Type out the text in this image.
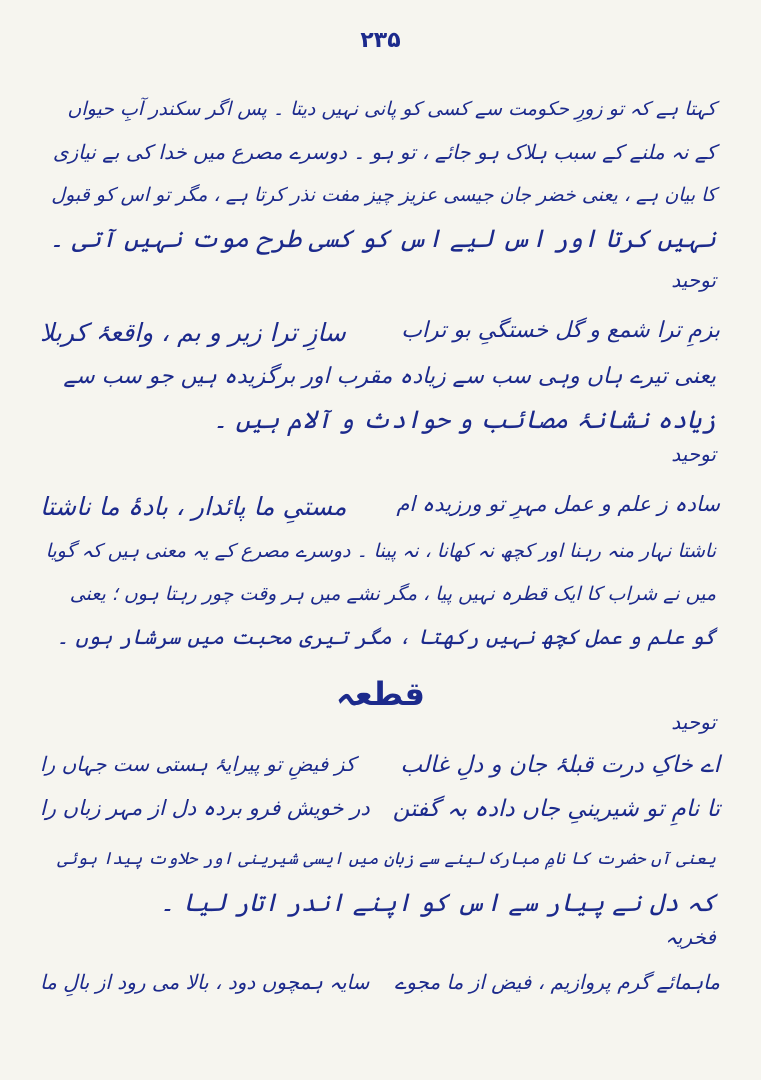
۲۳۵
کہتا ہے کہ تو زورِ حکومت سے کسی کو پانی نہیں دیتا ۔ پس اگر سکندر آبِ حیواں
کے نہ ملنے کے سبب ہلاک ہو جائے ، تو ہو ۔ دوسرے مصرع میں خدا کی بے نیازی
کا بیان ہے ، یعنی خضر جان جیسی عزیز چیز مفت نذر کرتا ہے ، مگر تو اس کو قبول
نہیں کرتا اور اس لیے اس کو کسی طرح موت نہیں آتی ۔
توحید
بزمِ ترا شمع و گل خستگیِ بو تراب
سازِ ترا زیر و بم ، واقعۂ کربلا
یعنی تیرے ہاں وہی سب سے زیادہ مقرب اور برگزیدہ ہیں جو سب سے
زیادہ نشانۂ مصائب و حوادث و آلام ہیں ۔
توحید
سادہ ز علم و عمل مہرِ تو ورزیدہ ام
مستیِ ما پائدار ، بادۂ ما ناشتا
ناشتا نہار منہ رہنا اور کچھ نہ کھانا ، نہ پینا ۔ دوسرے مصرع کے یہ معنی ہیں کہ گویا
میں نے شراب کا ایک قطرہ نہیں پیا ، مگر نشے میں ہر وقت چور رہتا ہوں ؛ یعنی
گو علم و عمل کچھ نہیں رکھتا ، مگر تیری محبت میں سرشار ہوں ۔
قطعہ
توحید
اے خاکِ درت قبلۂ جان و دلِ غالب
کز فیضِ تو پیرایۂ ہستی ست جہاں را
تا نامِ تو شیرینیِ جاں دادہ بہ گفتن
در خویش فرو بردہ دل از مہر زباں را
یعنی آں حضرت کا نامِ مبارک لینے سے زبان میں ایسی شیرینی اور حلاوت پیدا ہوئی
کہ دل نے پیار سے اس کو اپنے اندر اتار لیا ۔
فخریہ
ماہمائے گرم پروازیم ، فیض از ما مجوے
سایہ ہمچوں دود ، بالا می رود از بالِ ما
